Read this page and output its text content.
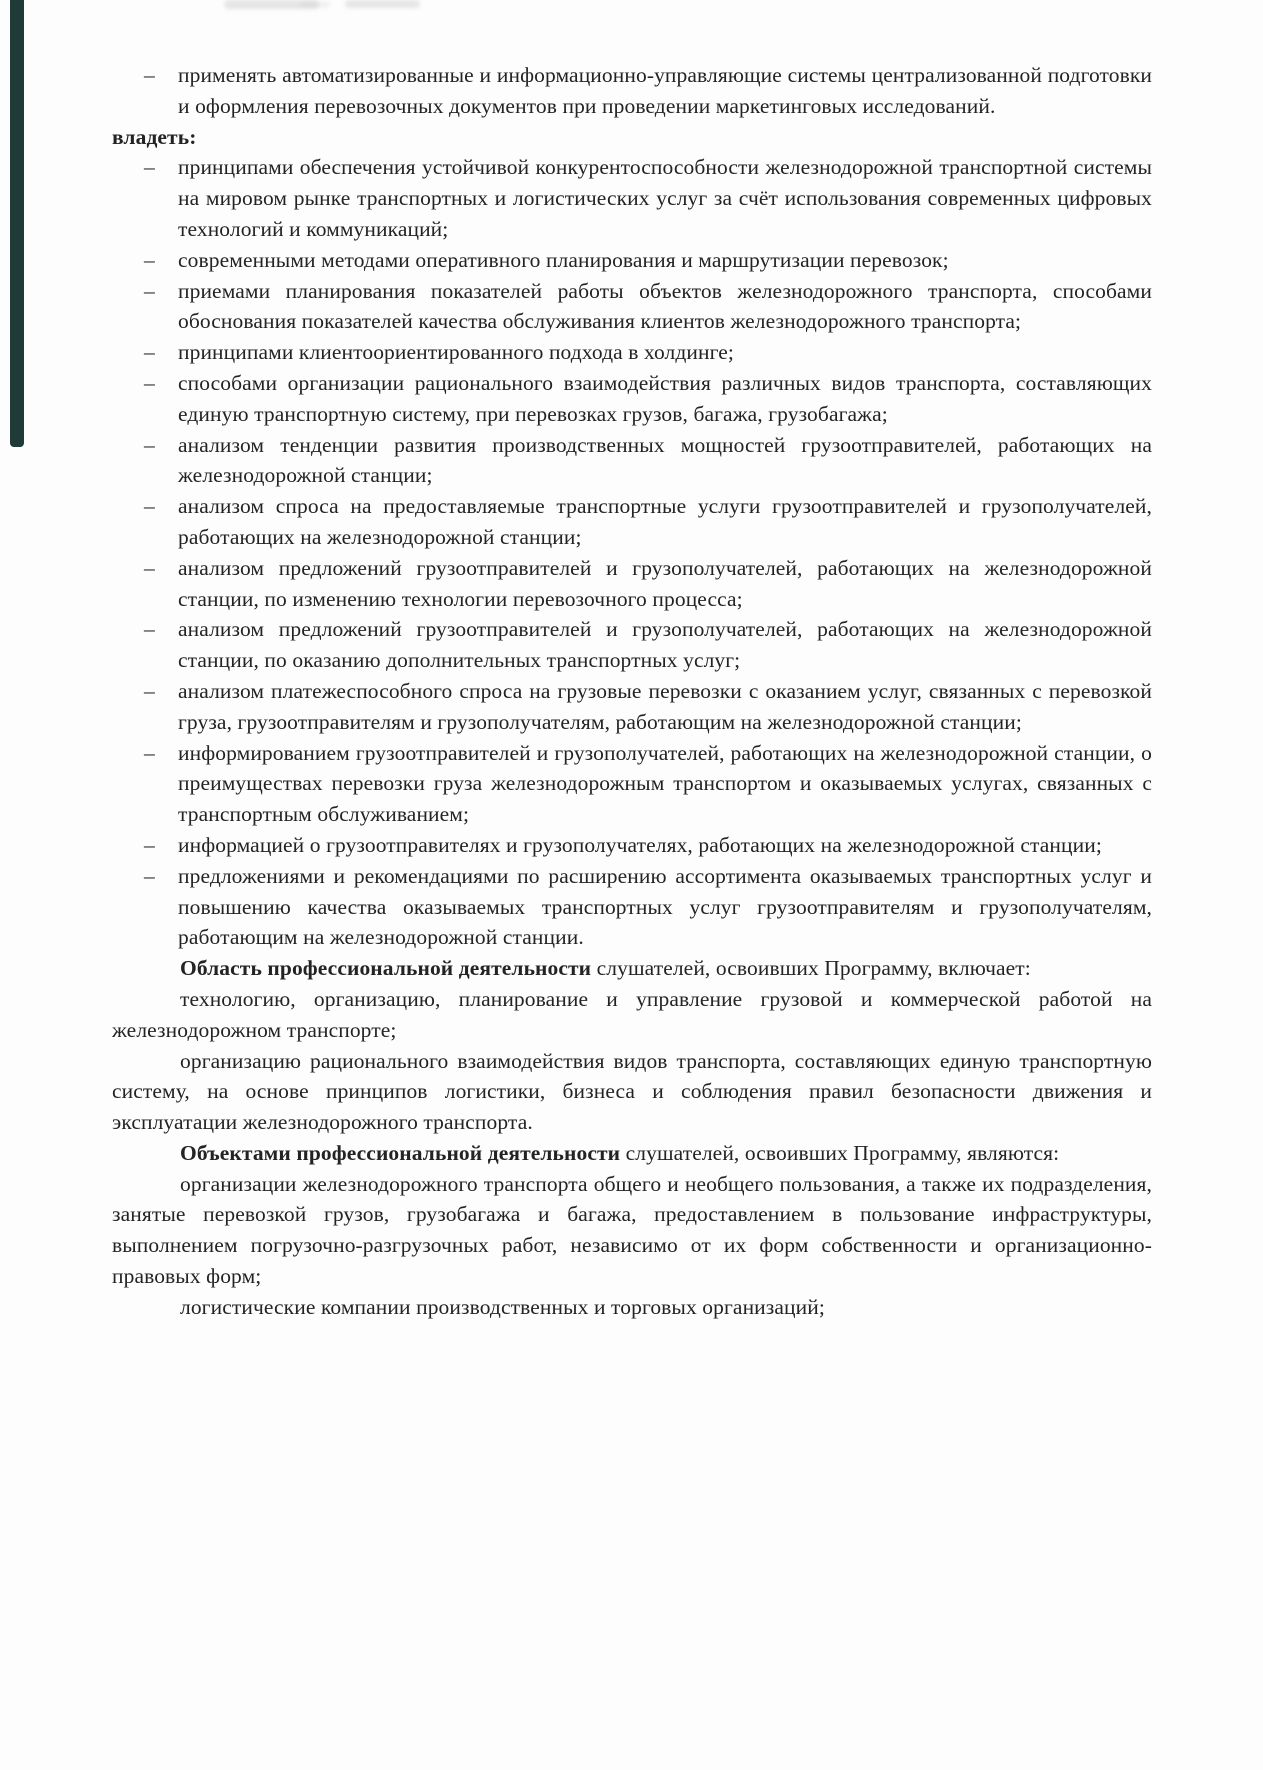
– применять автоматизированные и информационно-управляющие системы централизованной подготовки и оформления перевозочных документов при проведении маркетинговых исследований.

владеть:

– принципами обеспечения устойчивой конкурентоспособности железнодорожной транспортной системы на мировом рынке транспортных и логистических услуг за счёт использования современных цифровых технологий и коммуникаций;
– современными методами оперативного планирования и маршрутизации перевозок;
– приемами планирования показателей работы объектов железнодорожного транспорта, способами обоснования показателей качества обслуживания клиентов железнодорожного транспорта;
– принципами клиентоориентированного подхода в холдинге;
– способами организации рационального взаимодействия различных видов транспорта, составляющих единую транспортную систему, при перевозках грузов, багажа, грузобагажа;
– анализом тенденции развития производственных мощностей грузоотправителей, работающих на железнодорожной станции;
– анализом спроса на предоставляемые транспортные услуги грузоотправителей и грузополучателей, работающих на железнодорожной станции;
– анализом предложений грузоотправителей и грузополучателей, работающих на железнодорожной станции, по изменению технологии перевозочного процесса;
– анализом предложений грузоотправителей и грузополучателей, работающих на железнодорожной станции, по оказанию дополнительных транспортных услуг;
– анализом платежеспособного спроса на грузовые перевозки с оказанием услуг, связанных с перевозкой груза, грузоотправителям и грузополучателям, работающим на железнодорожной станции;
– информированием грузоотправителей и грузополучателей, работающих на железнодорожной станции, о преимуществах перевозки груза железнодорожным транспортом и оказываемых услугах, связанных с транспортным обслуживанием;
– информацией о грузоотправителях и грузополучателях, работающих на железнодорожной станции;
– предложениями и рекомендациями по расширению ассортимента оказываемых транспортных услуг и повышению качества оказываемых транспортных услуг грузоотправителям и грузополучателям, работающим на железнодорожной станции.

Область профессиональной деятельности слушателей, освоивших Программу, включает:

технологию, организацию, планирование и управление грузовой и коммерческой работой на железнодорожном транспорте;

организацию рационального взаимодействия видов транспорта, составляющих единую транспортную систему, на основе принципов логистики, бизнеса и соблюдения правил безопасности движения и эксплуатации железнодорожного транспорта.

Объектами профессиональной деятельности слушателей, освоивших Программу, являются:

организации железнодорожного транспорта общего и необщего пользования, а также их подразделения, занятые перевозкой грузов, грузобагажа и багажа, предоставлением в пользование инфраструктуры, выполнением погрузочно-разгрузочных работ, независимо от их форм собственности и организационно-правовых форм;

логистические компании производственных и торговых организаций;
